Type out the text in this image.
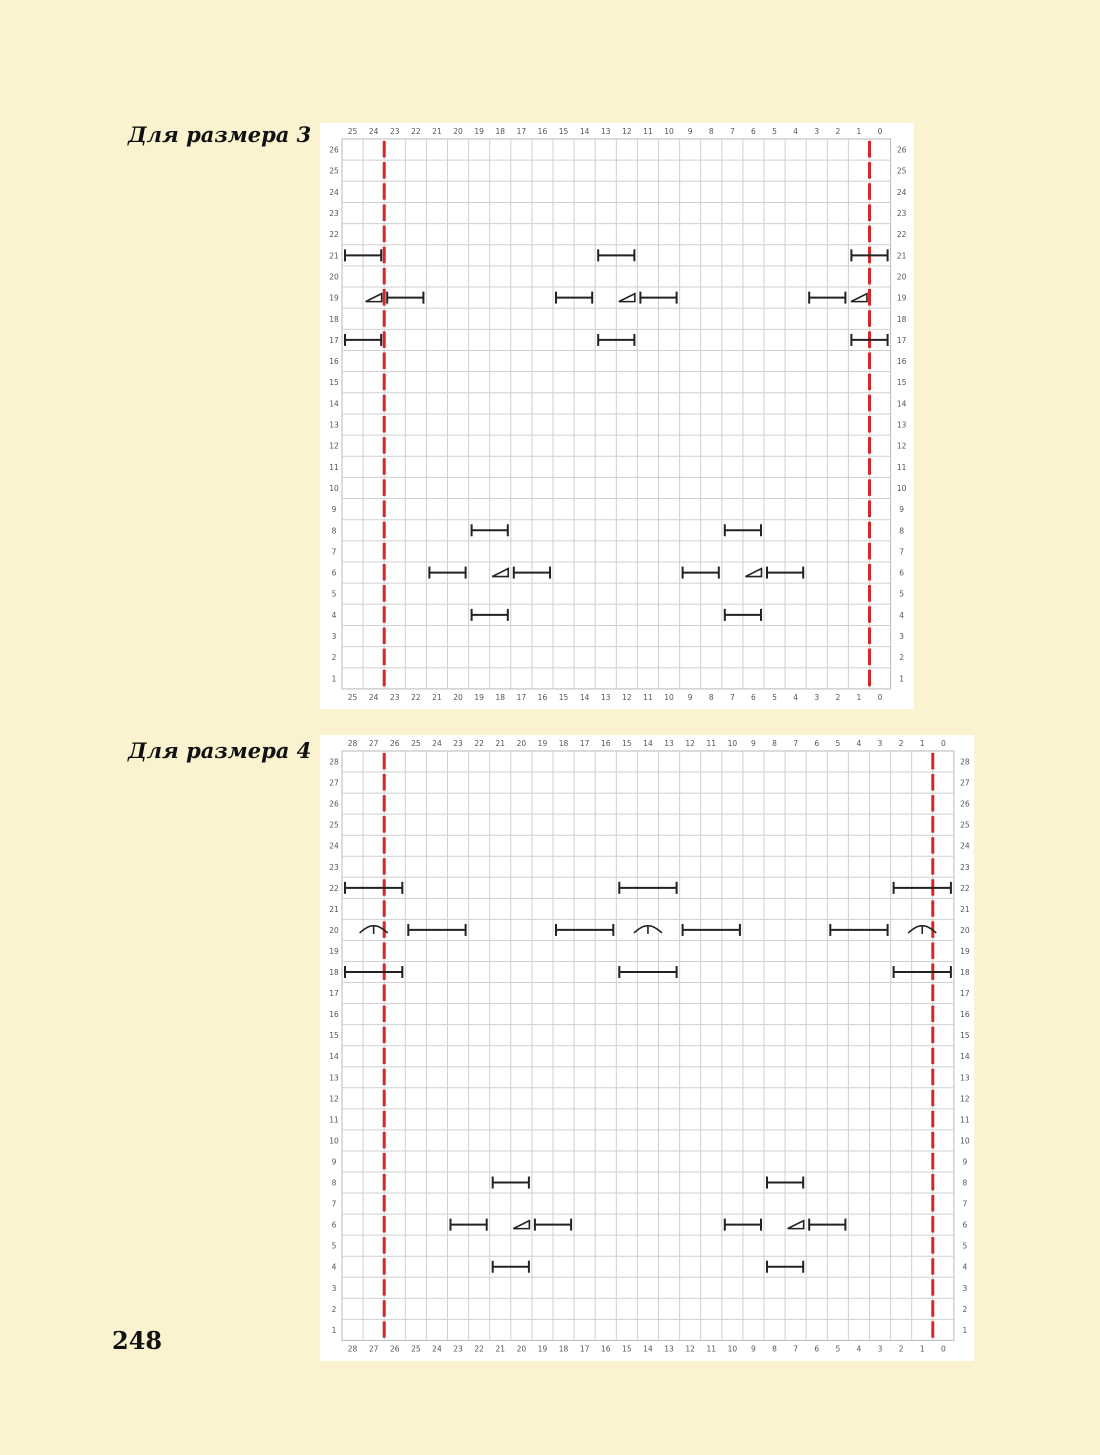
Для размера 3	25
25
24
24
23
23
22
22
21
21
20
20
19
19
18
18
17
17
16
16
15
15
14
14
13
13
12
12
11
11
10
10
9
9
8
8
7
7
6
6
5
5
4
4
3
3
2
2
1
1
0
0
26	26
25	25
24	24
23	23
22	22
21	21
20	20
19	19
18	18
17	17
16	16
15	15
14	14
13	13
12	12
11	11
10	10
9	9
8	8
7	7
6	6
5	5
4	4
3	3
2	2
1	1
Для размера 4	28
28
27
27
26
26
25
25
24
24
23
23
22
22
21
21
20
20
19
19
18
18
17
17
16
16
15
15
14
14
13
13
12
12
11
11
10
10
9
9
8
8
7
7
6
6
5
5
4
4
3
3
2
2
1
1
0
0
28	28
27	27
26	26
25	25
24	24
23	23
22	22
21	21
20	20
19	19
18	18
17	17
16	16
15	15
14	14
13	13
12	12
11	11
10	10
9	9
8	8
7	7
6	6
5	5
4	4
3	3
2	2
1	1
248
